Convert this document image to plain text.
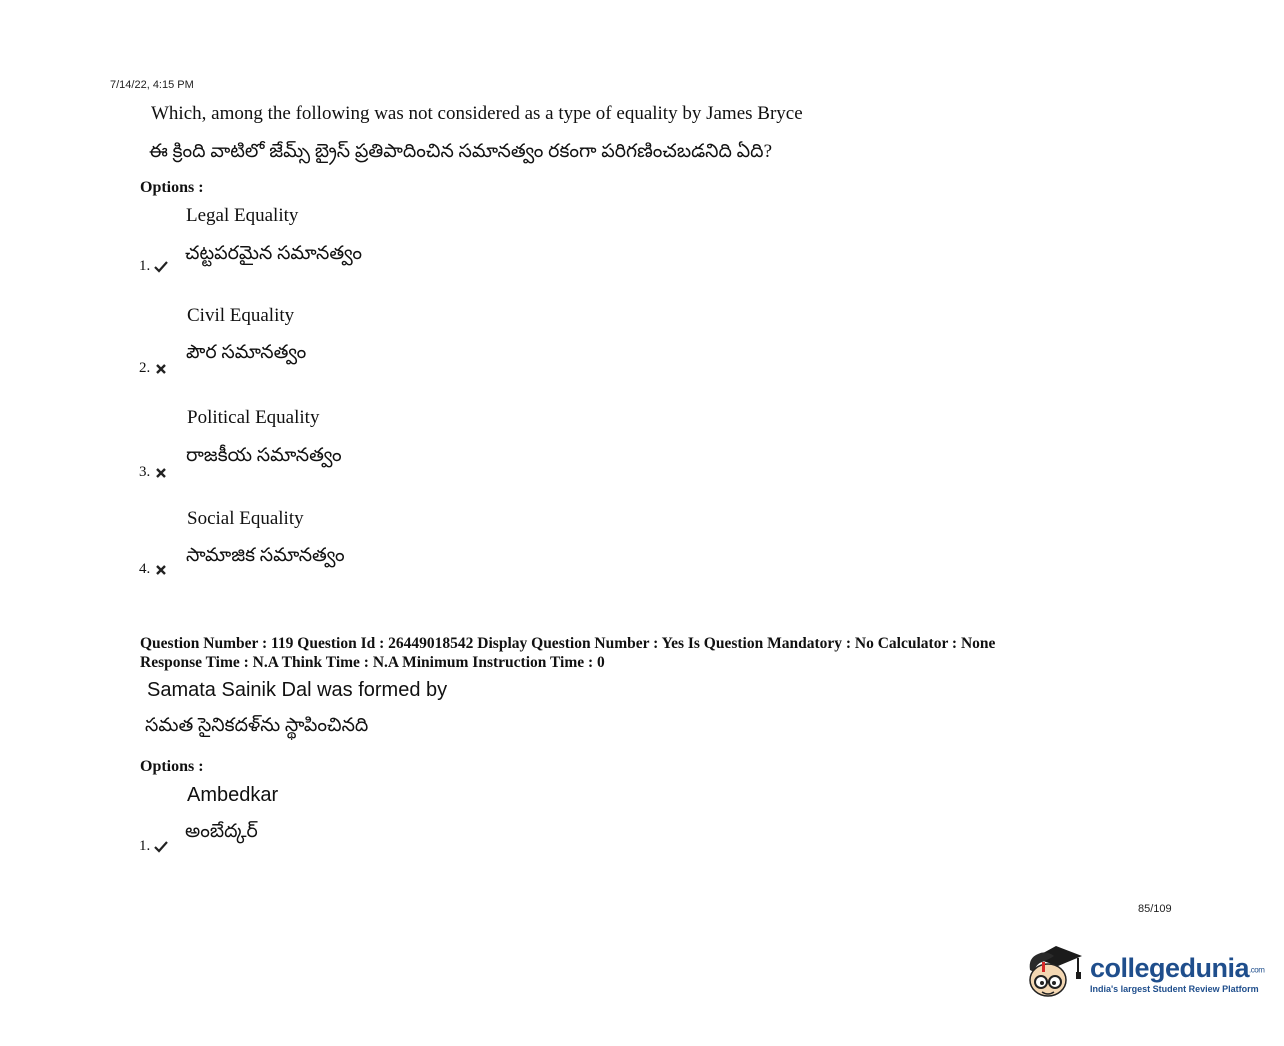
7/14/22, 4:15 PM
Which, among the following was not considered as a type of equality by James Bryce
ఈ క్రింది వాటిలో జేమ్స్ బ్రైస్ ప్రతిపాదించిన సమానత్వం రకంగా పరిగణించబడనిది ఏది?
Options :
Legal Equality
చట్టపరమైన సమానత్వం
1.
Civil Equality
పౌర సమానత్వం
2.
Political Equality
రాజకీయ సమానత్వం
3.
Social Equality
సామాజిక సమానత్వం
4.
Question Number : 119 Question Id : 26449018542 Display Question Number : Yes Is Question Mandatory : No Calculator : None
Response Time : N.A Think Time : N.A Minimum Instruction Time : 0
Samata Sainik Dal was formed by
సమత సైనికదళ్‌ను స్థాపించినది
Options :
Ambedkar
అంబేద్కర్
1.
85/109
collegedunia.com
India's largest Student Review Platform
